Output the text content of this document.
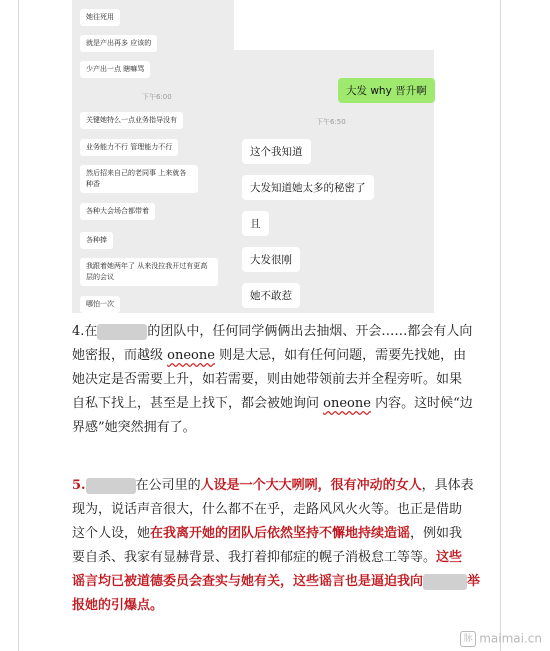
她往死用
就是产出再多 应该的
少产出一点 瞎嘛骂
下午6:00
关键她特么一点业务指导没有
业务能力不行 管理能力不行
然后招来自己的老同事 上来就各种香
各种大会场合都带着
各种捧
我跟着她两年了 从来没拉我开过有更高层的会议
哪怕一次
大发 why 晋升啊
下午6:50
这个我知道
大发知道她太多的秘密了
且
大发很刚
她不敢惹
4.在	的团队中，任何同学俩俩出去抽烟、开会……都会有人向
她密报，而越级 oneone 则是大忌，如有任何问题，需要先找她，由
她决定是否需要上升，如若需要，则由她带领前去并全程旁听。如果
自私下找上，甚至是上找下，都会被她询问 oneone 内容。这时候“边
界感”她突然拥有了。
5.	在公司里的人设是一个大大咧咧，很有冲动的女人，具体表
现为，说话声音很大，什么都不在乎，走路风风火火等。也正是借助
这个人设，她在我离开她的团队后依然坚持不懈地持续造谣，例如我
要自杀、我家有显赫背景、我打着抑郁症的幌子消极怠工等等。这些
谣言均已被道德委员会查实与她有关，这些谣言也是逼迫我向	举
报她的引爆点。
脉 maimai.cn
